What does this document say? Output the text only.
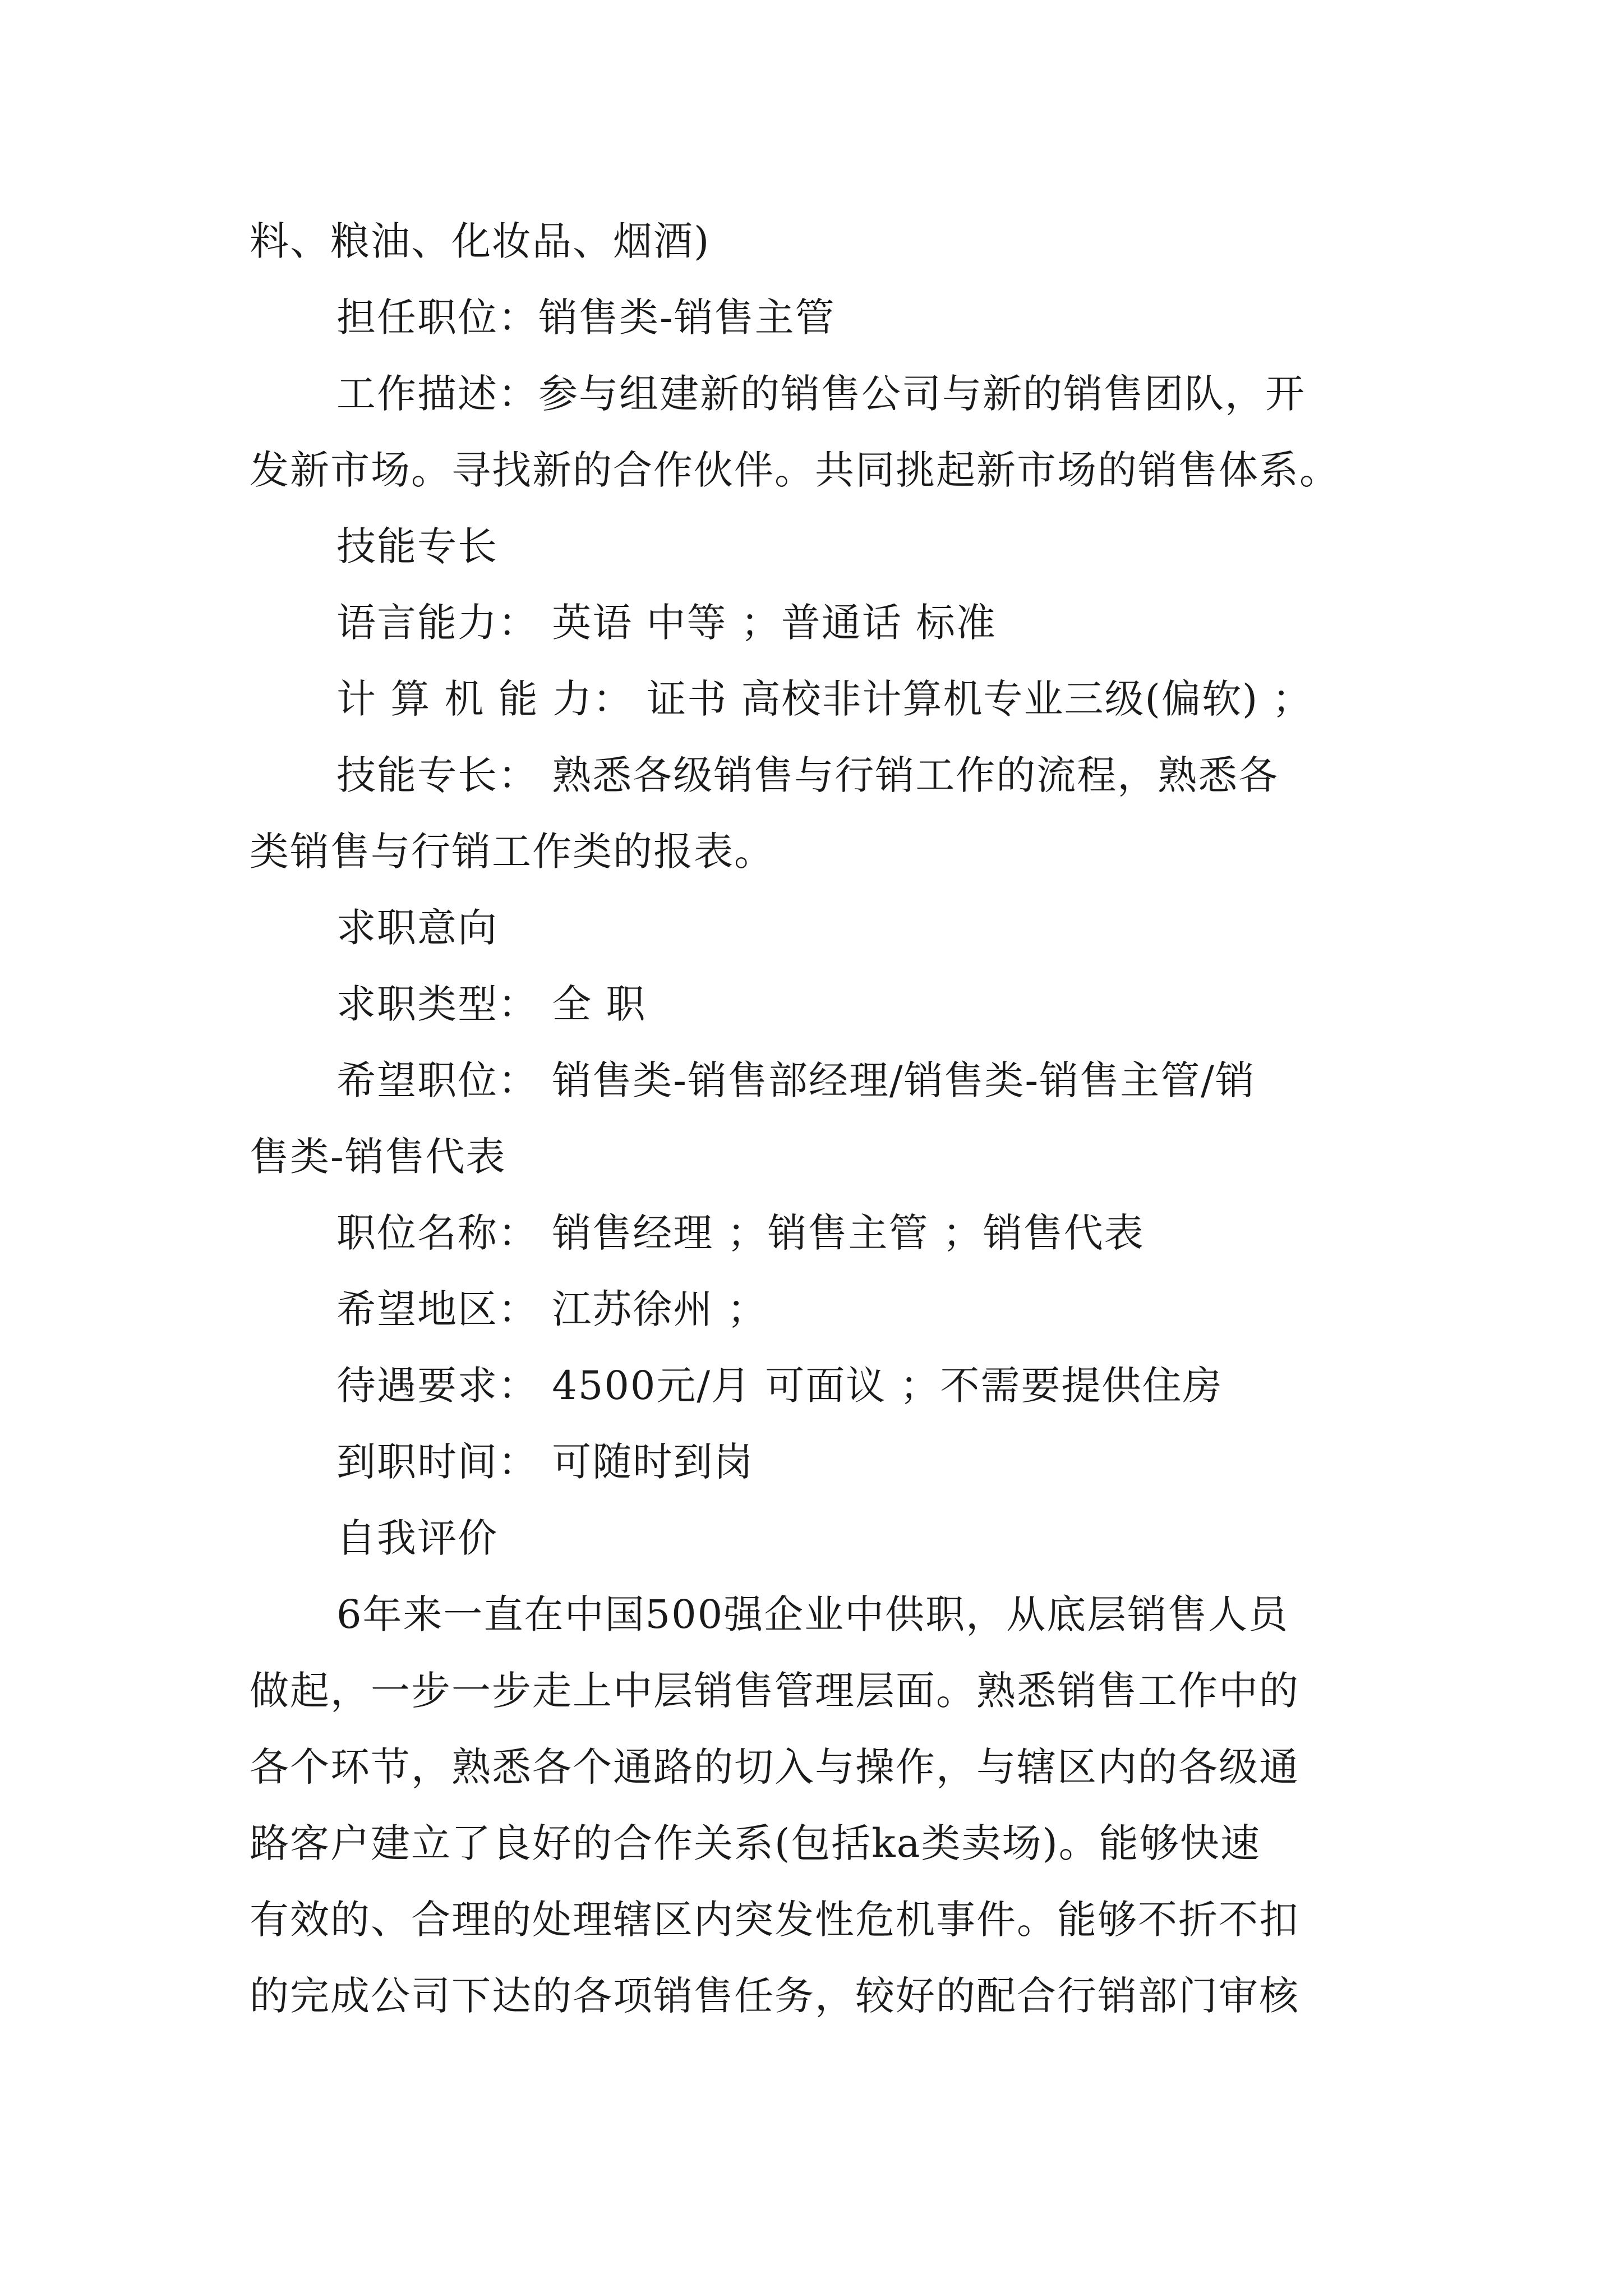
料、粮油、化妆品、烟酒)
担任职位：销售类-销售主管
工作描述：参与组建新的销售公司与新的销售团队，开
发新市场。寻找新的合作伙伴。共同挑起新市场的销售体系。
技能专长
语言能力： 英语 中等 ；普通话 标准
计 算 机 能 力： 证书 高校非计算机专业三级(偏软) ；
技能专长： 熟悉各级销售与行销工作的流程，熟悉各
类销售与行销工作类的报表。
求职意向
求职类型： 全 职
希望职位： 销售类-销售部经理/销售类-销售主管/销
售类-销售代表
职位名称： 销售经理 ；销售主管 ；销售代表
希望地区： 江苏徐州 ；
待遇要求： 4500元/月 可面议 ；不需要提供住房
到职时间： 可随时到岗
自我评价
6年来一直在中国500强企业中供职，从底层销售人员
做起，一步一步走上中层销售管理层面。熟悉销售工作中的
各个环节，熟悉各个通路的切入与操作，与辖区内的各级通
路客户建立了良好的合作关系(包括ka类卖场)。能够快速
有效的、合理的处理辖区内突发性危机事件。能够不折不扣
的完成公司下达的各项销售任务，较好的配合行销部门审核
